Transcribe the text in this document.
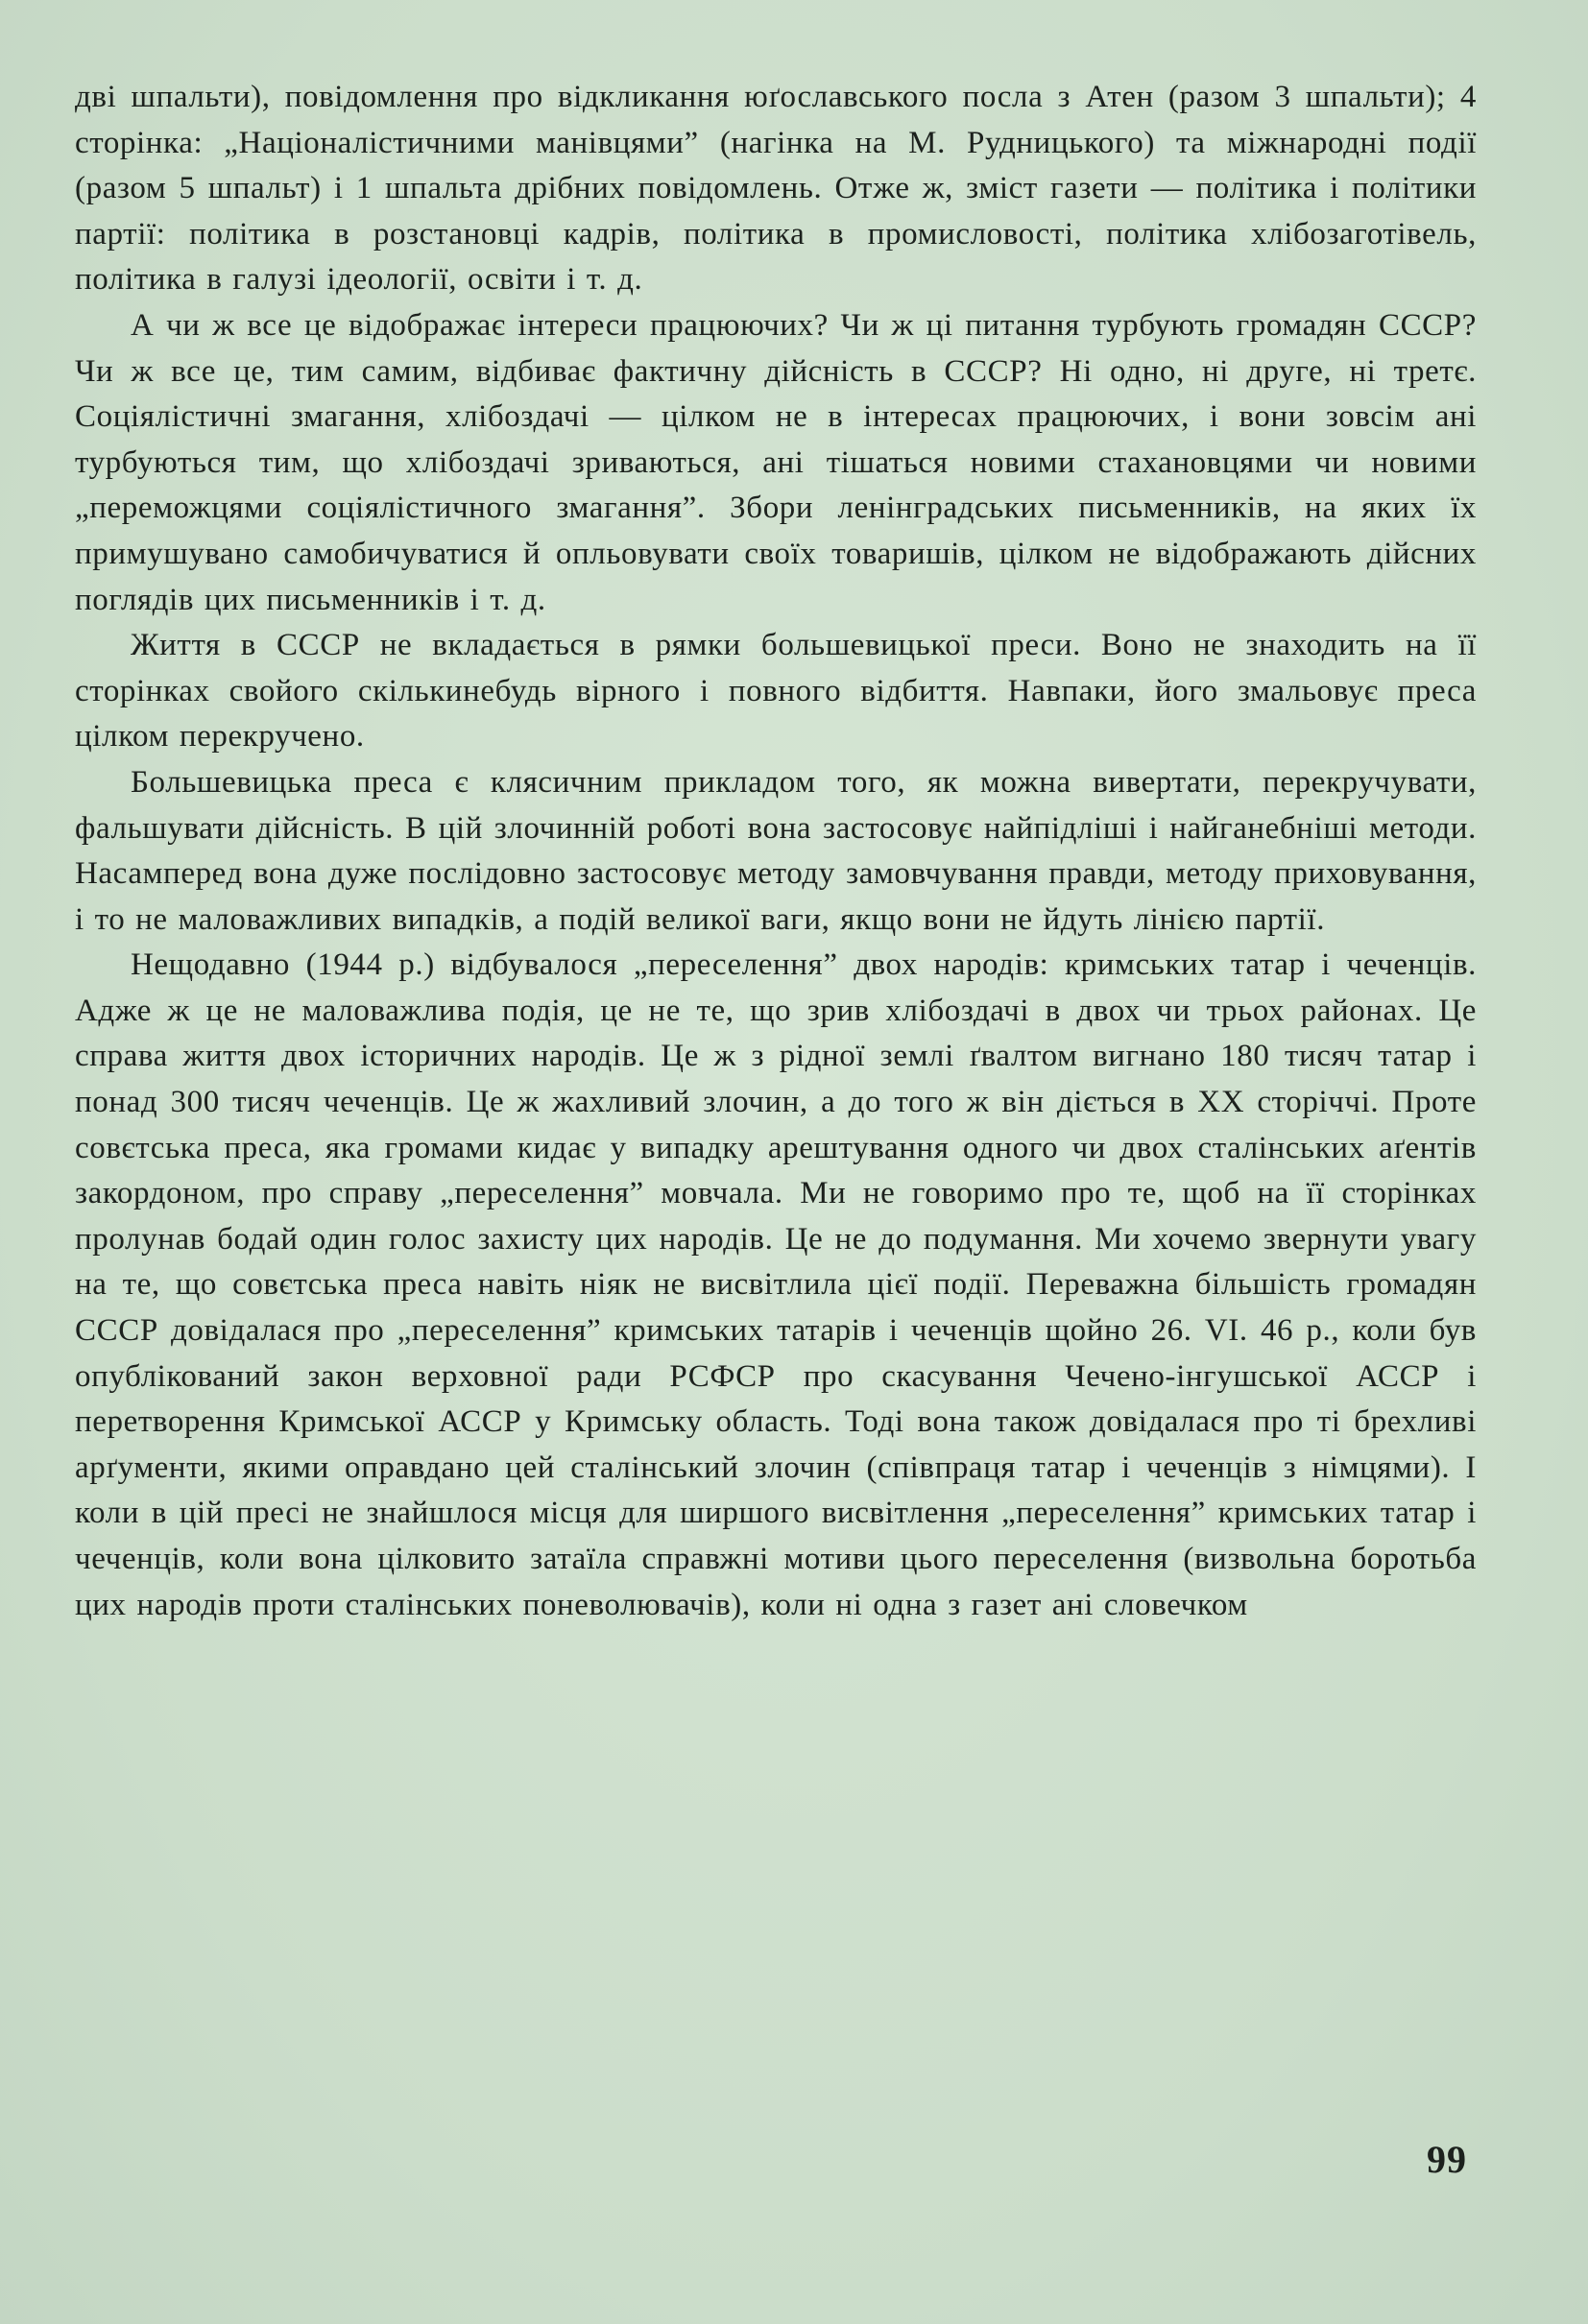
дві шпальти), повідомлення про відкликання юґославського посла з Атен (разом 3 шпальти); 4 сторінка: „Націоналістичними манівцями” (нагінка на М. Рудницького) та міжнародні події (разом 5 шпальт) і 1 шпальта дрібних повідомлень. Отже ж, зміст газети — політика і політики партії: політика в розстановці кадрів, політика в промисловості, політика хлібозаготівель, політика в галузі ідеології, освіти і т. д.

А чи ж все це відображає інтереси працюючих? Чи ж ці питання турбують громадян СССР? Чи ж все це, тим самим, відбиває фактичну дійсність в СССР? Ні одно, ні друге, ні третє. Соціялістичні змагання, хлібоздачі — цілком не в інтересах працюючих, і вони зовсім ані турбуються тим, що хлібоздачі зриваються, ані тішаться новими стахановцями чи новими „переможцями соціялістичного змагання”. Збори ленінградських письменників, на яких їх примушувано самобичуватися й опльовувати своїх товаришів, цілком не відображають дійсних поглядів цих письменників і т. д.

Життя в СССР не вкладається в рямки большевицької преси. Воно не знаходить на її сторінках свойого скількинебудь вірного і повного відбиття. Навпаки, його змальовує преса цілком перекручено.

Большевицька преса є клясичним прикладом того, як можна вивертати, перекручувати, фальшувати дійсність. В цій злочинній роботі вона застосовує найпідліші і найганебніші методи. Насамперед вона дуже послідовно застосовує методу замовчування правди, методу приховування, і то не маловажливих випадків, а подій великої ваги, якщо вони не йдуть лінією партії.

Нещодавно (1944 р.) відбувалося „переселення” двох народів: кримських татар і чеченців. Адже ж це не маловажлива подія, це не те, що зрив хлібоздачі в двох чи трьох районах. Це справа життя двох історичних народів. Це ж з рідної землі ґвалтом вигнано 180 тисяч татар і понад 300 тисяч чеченців. Це ж жахливий злочин, а до того ж він діється в XX сторіччі. Проте совєтська преса, яка громами кидає у випадку арештування одного чи двох сталінських аґентів закордоном, про справу „переселення” мовчала. Ми не говоримо про те, щоб на її сторінках пролунав бодай один голос захисту цих народів. Це не до подумання. Ми хочемо звернути увагу на те, що совєтська преса навіть ніяк не висвітлила цієї події. Переважна більшість громадян СССР довідалася про „переселення” кримських татарів і чеченців щойно 26. VI. 46 р., коли був опублікований закон верховної ради РСФСР про скасування Чечено-інгушської АССР і перетворення Кримської АССР у Кримську область. Тоді вона також довідалася про ті брехливі арґументи, якими оправдано цей сталінський злочин (співпраця татар і чеченців з німцями). І коли в цій пресі не знайшлося місця для ширшого висвітлення „переселення” кримських татар і чеченців, коли вона цілковито затаїла справжні мотиви цього переселення (визвольна боротьба цих народів проти сталінських поневолювачів), коли ні одна з газет ані словечком

99
